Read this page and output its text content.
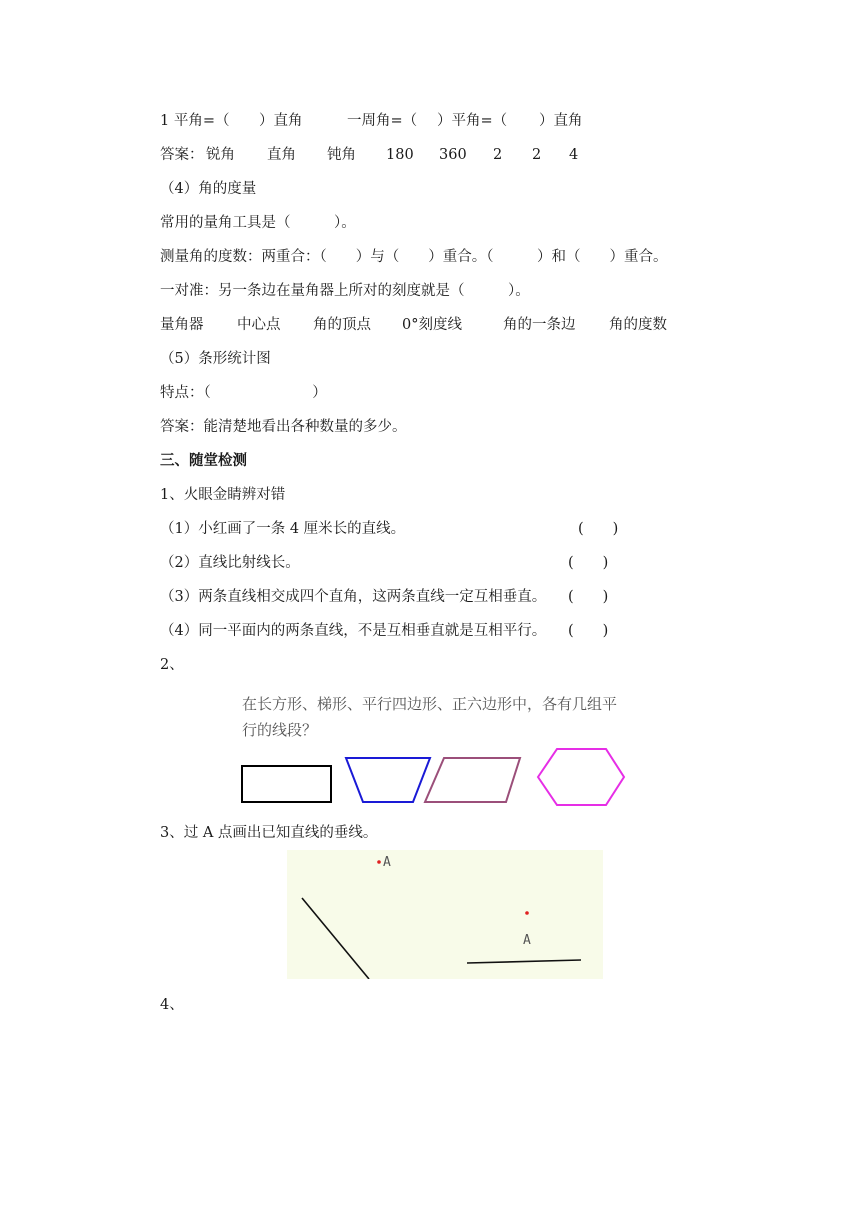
1 平角=（ ）直角	一周角=（ ）平角=（ ）直角
答案： 锐角 直角 钝角 180 360 2 2 4
（4）角的度量
常用的量角工具是（　　　）。
测量角的度数：两重合：（　　）与（　　）重合。（　　　）和（　　）重合。
一对准：另一条边在量角器上所对的刻度就是（　　　）。
量角器 中心点 角的顶点 0°刻度线	角的一条边 角的度数
（5）条形统计图
特点：（　　　　　　　）
答案：能清楚地看出各种数量的多少。
三、随堂检测
1、火眼金睛辨对错
（1）小红画了一条 4 厘米长的直线。	(　　)
（2）直线比射线长。	(　　)
（3）两条直线相交成四个直角，这两条直线一定互相垂直。 (　　)
（4）同一平面内的两条直线，不是互相垂直就是互相平行。 (　　)
2、
在长方形、梯形、平行四边形、正六边形中，各有几组平
行的线段？
3、过 A 点画出已知直线的垂线。
A
A
4、
